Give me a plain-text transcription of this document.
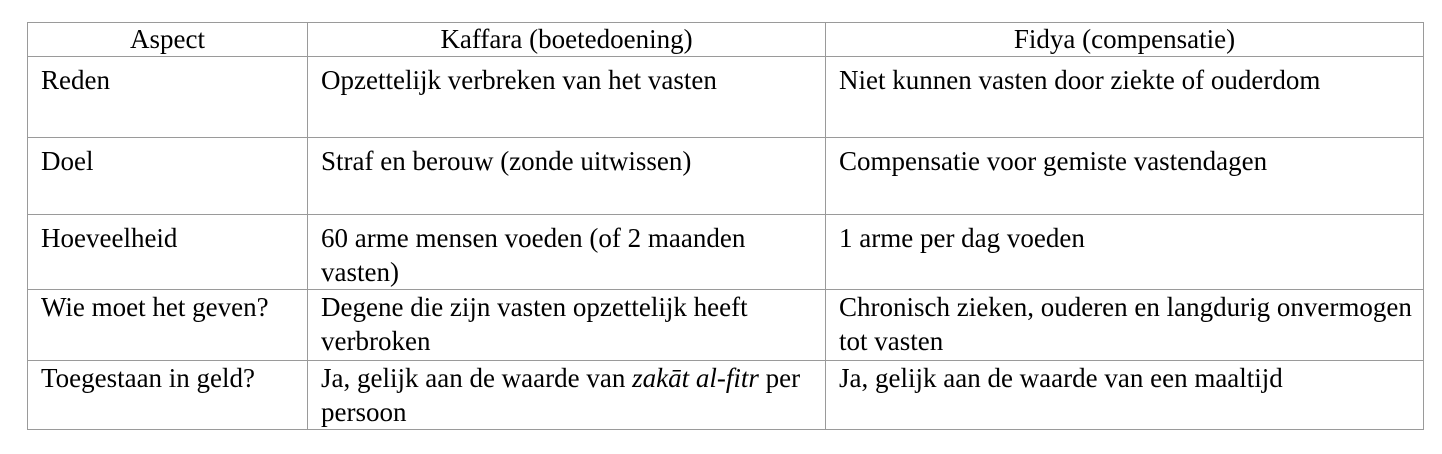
Aspect	Kaffara (boetedoening)	Fidya (compensatie)
Reden	Opzettelijk verbreken van het vasten	Niet kunnen vasten door ziekte of ouderdom
Doel	Straf en berouw (zonde uitwissen)	Compensatie voor gemiste vastendagen
Hoeveelheid	60 arme mensen voeden (of 2 maanden vasten)	1 arme per dag voeden
Wie moet het geven?	Degene die zijn vasten opzettelijk heeft verbroken	Chronisch zieken, ouderen en langdurig onvermogen tot vasten
Toegestaan in geld?	Ja, gelijk aan de waarde van zakāt al-fitr per persoon	Ja, gelijk aan de waarde van een maaltijd
